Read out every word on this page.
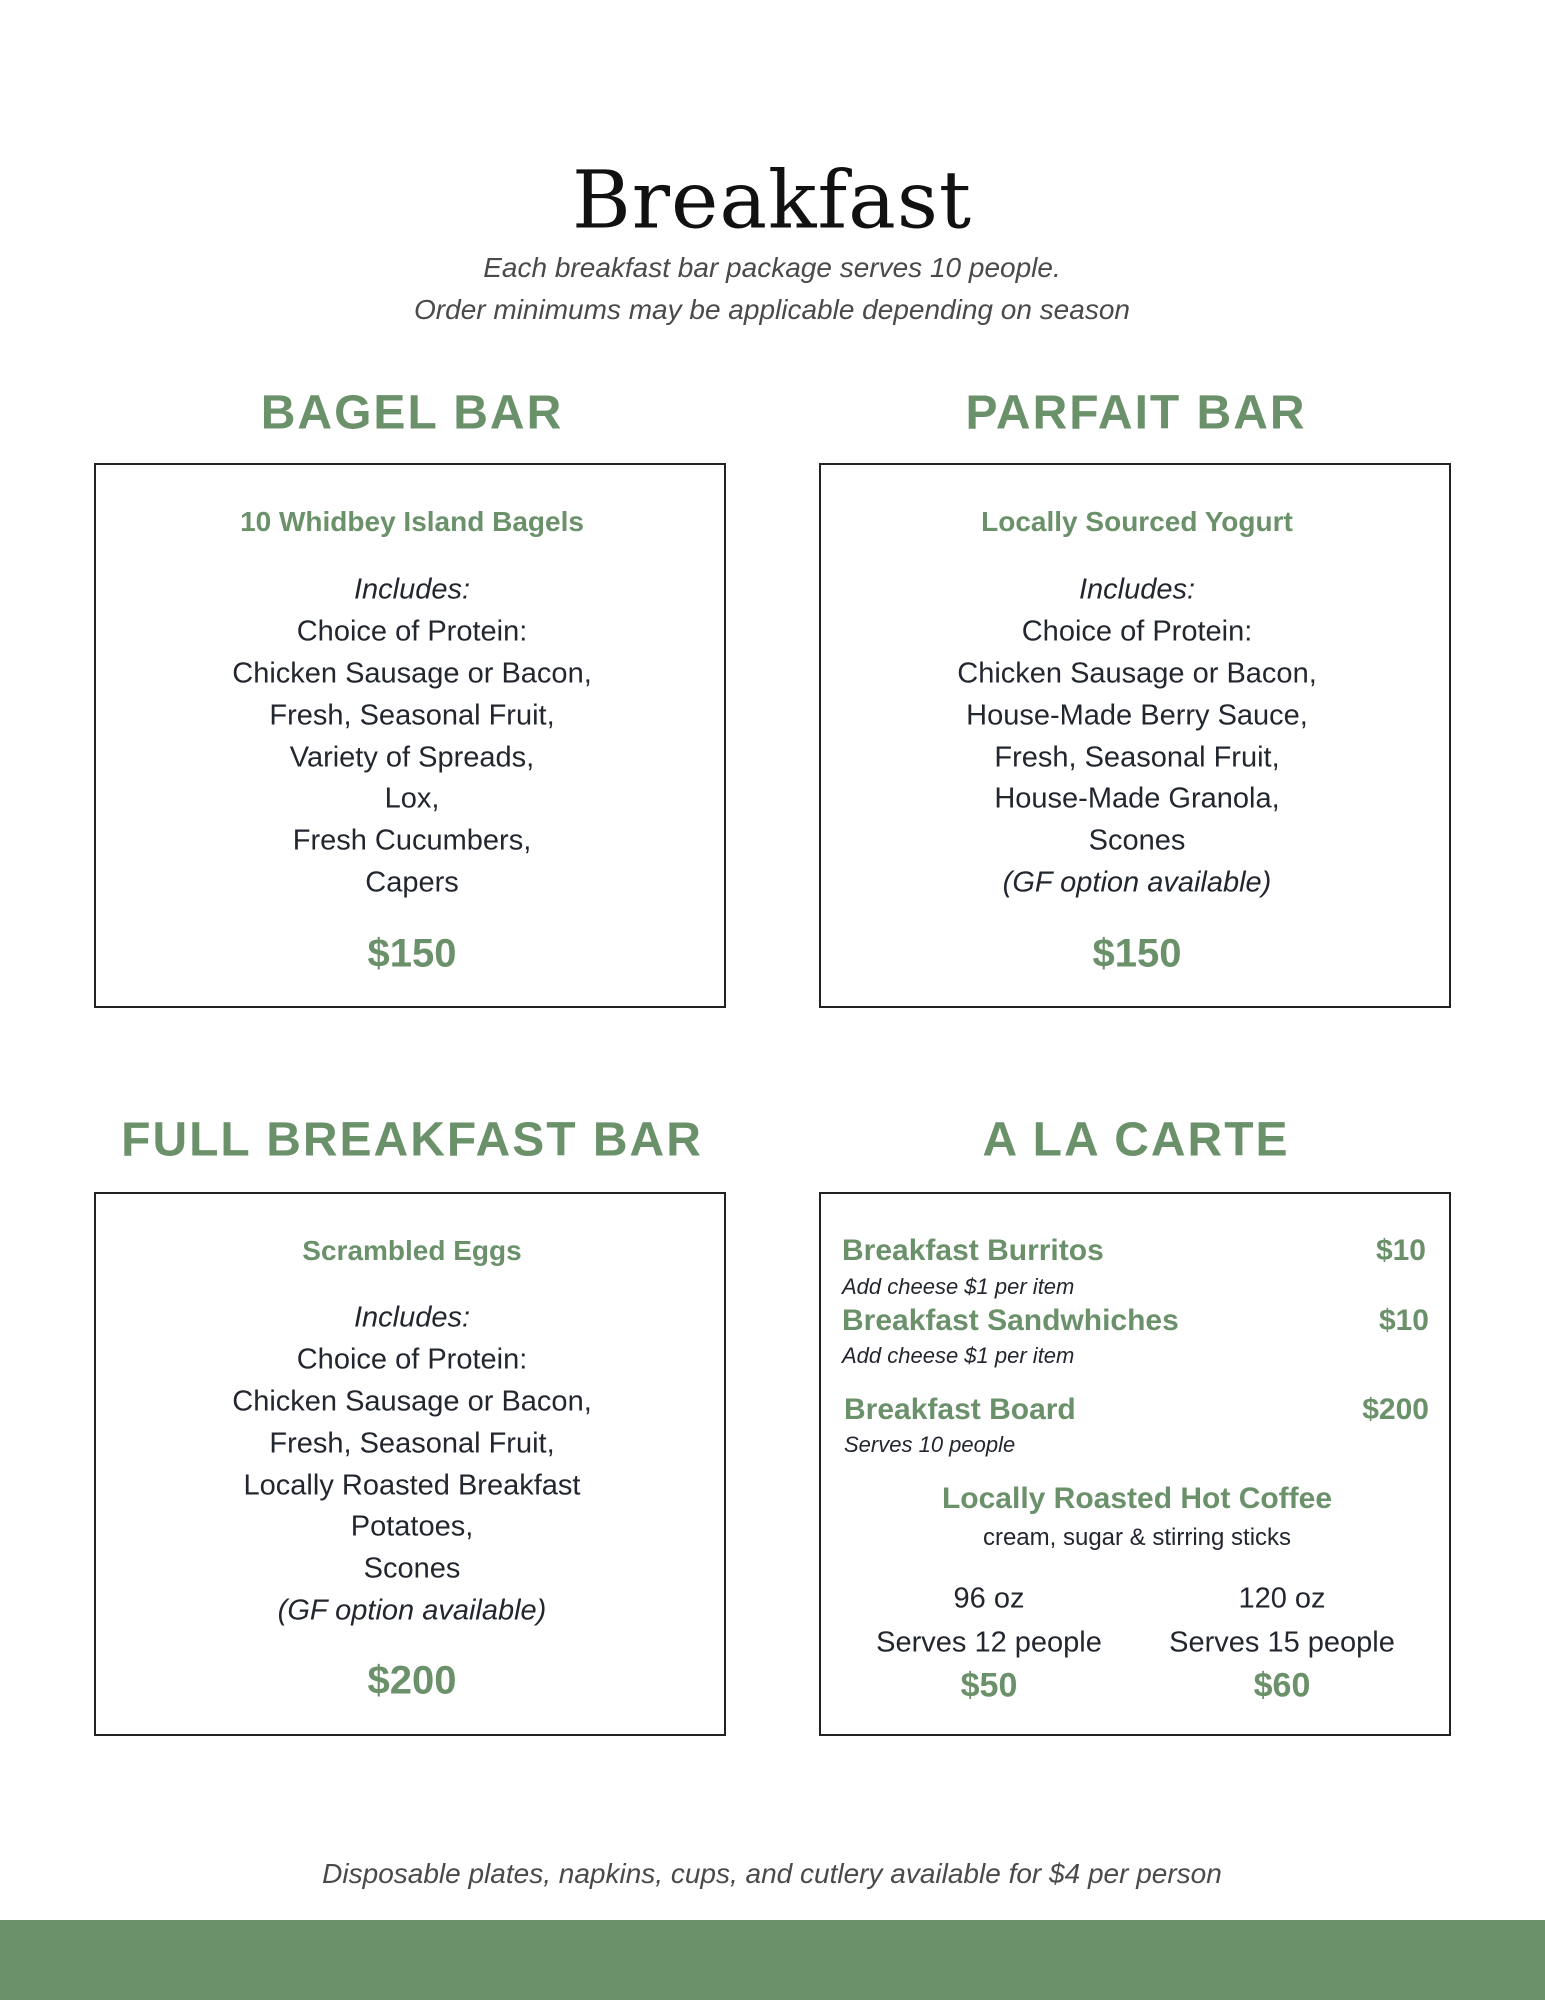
Breakfast
Each breakfast bar package serves 10 people.
Order minimums may be applicable depending on season
BAGEL BAR	PARFAIT BAR
FULL BREAKFAST BAR	A LA CARTE
10 Whidbey Island Bagels
Includes:
Choice of Protein:
Chicken Sausage or Bacon,
Fresh, Seasonal Fruit,
Variety of Spreads,
Lox,
Fresh Cucumbers,
Capers
$150
Locally Sourced Yogurt
Includes:
Choice of Protein:
Chicken Sausage or Bacon,
House-Made Berry Sauce,
Fresh, Seasonal Fruit,
House-Made Granola,
Scones
(GF option available)
$150
Scrambled Eggs
Includes:
Choice of Protein:
Chicken Sausage or Bacon,
Fresh, Seasonal Fruit,
Locally Roasted Breakfast
Potatoes,
Scones
(GF option available)
$200
Breakfast Burritos	$10
Add cheese $1 per item
Breakfast Sandwhiches	$10
Add cheese $1 per item
Breakfast Board	$200
Serves 10 people
Locally Roasted Hot Coffee
cream, sugar & stirring sticks
96 oz
Serves 12 people
$50
120 oz
Serves 15 people
$60
Disposable plates, napkins, cups, and cutlery available for $4 per person
